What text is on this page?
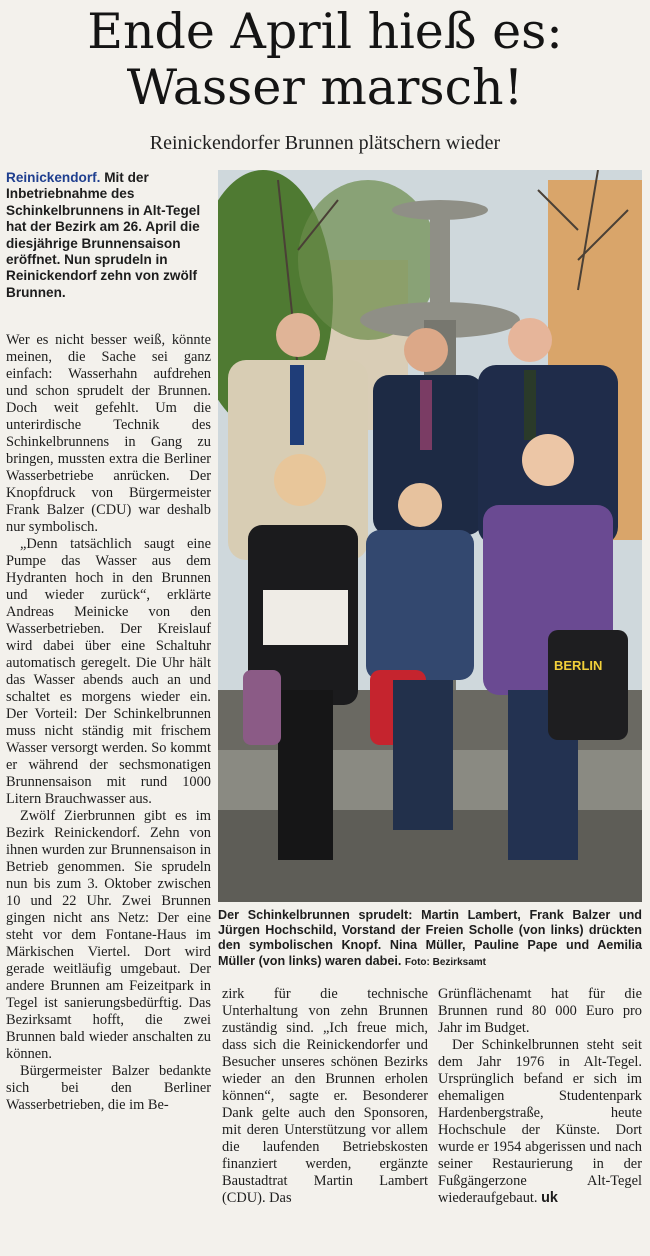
Ende April hieß es:
Wasser marsch!
Reinickendorfer Brunnen plätschern wieder
Reinickendorf. Mit der Inbetriebnahme des Schinkelbrunnens in Alt-Tegel hat der Bezirk am 26. April die diesjährige Brunnensaison eröffnet. Nun sprudeln in Reinickendorf zehn von zwölf Brunnen.

Wer es nicht besser weiß, könnte meinen, die Sache sei ganz einfach: Wasserhahn aufdrehen und schon sprudelt der Brunnen. Doch weit gefehlt. Um die unterirdische Technik des Schinkelbrunnens in Gang zu bringen, mussten extra die Berliner Wasserbetriebe anrücken. Der Knopfdruck von Bürgermeister Frank Balzer (CDU) war deshalb nur symbolisch.

„Denn tatsächlich saugt eine Pumpe das Wasser aus dem Hydranten hoch in den Brunnen und wieder zurück“, erklärte Andreas Meinicke von den Wasserbetrieben. Der Kreislauf wird dabei über eine Schaltuhr automatisch geregelt. Die Uhr hält das Wasser abends auch an und schaltet es morgens wieder ein. Der Vorteil: Der Schinkelbrunnen muss nicht ständig mit frischem Wasser versorgt werden. So kommt er während der sechsmonatigen Brunnensaison mit rund 1000 Litern Brauchwasser aus.

Zwölf Zierbrunnen gibt es im Bezirk Reinickendorf. Zehn von ihnen wurden zur Brunnensaison in Betrieb genommen. Sie sprudeln nun bis zum 3. Oktober zwischen 10 und 22 Uhr. Zwei Brunnen gingen nicht ans Netz: Der eine steht vor dem Fontane-Haus im Märkischen Viertel. Dort wird gerade weitläufig umgebaut. Der andere Brunnen am Feizeitpark in Tegel ist sanierungsbedürftig. Das Bezirksamt hofft, die zwei Brunnen bald wieder anschalten zu können.

Bürgermeister Balzer bedankte sich bei den Berliner Wasserbetrieben, die im Be-

BERLIN
Der Schinkelbrunnen sprudelt: Martin Lambert, Frank Balzer und Jürgen Hochschild, Vorstand der Freien Scholle (von links) drückten den symbolischen Knopf. Nina Müller, Pauline Pape und Aemilia Müller (von links) waren dabei. Foto: Bezirksamt

zirk für die technische Unterhaltung von zehn Brunnen zuständig sind. „Ich freue mich, dass sich die Reinickendorfer und Besucher unseres schönen Bezirks wieder an den Brunnen erholen können“, sagte er. Besonderer Dank gelte auch den Sponsoren, mit deren Unterstützung vor allem die laufenden Betriebskosten finanziert werden, ergänzte Baustadtrat Martin Lambert (CDU). Das

Grünflächenamt hat für die Brunnen rund 80 000 Euro pro Jahr im Budget.

Der Schinkelbrunnen steht seit dem Jahr 1976 in Alt-Tegel. Ursprünglich befand er sich im ehemaligen Studentenpark Hardenbergstraße, heute Hochschule der Künste. Dort wurde er 1954 abgerissen und nach seiner Restaurierung in der Fußgängerzone Alt-Tegel wiederaufgebaut. uk
